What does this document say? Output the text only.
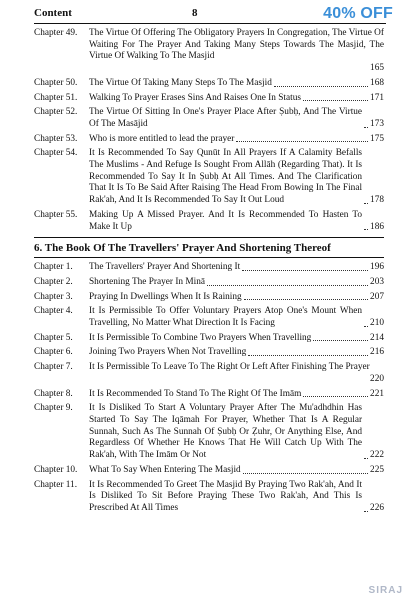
Content	8	40% OFF
Chapter 49.	The Virtue Of Offering The Obligatory Prayers In Congregation, The Virtue Of Waiting For The Prayer And Taking Many Steps Towards The Masjid, The Virtue Of Walking To The Masjid
165
Chapter 50.	The Virtue Of Taking Many Steps To The Masjid	168
Chapter 51.	Walking To Prayer Erases Sins And Raises One In Status	171
Chapter 52.	The Virtue Of Sitting In One's Prayer Place After Ṣubḥ, And The Virtue Of The Masājid	173
Chapter 53.	Who is more entitled to lead the prayer	175
Chapter 54.	It Is Recommended To Say Qunūt In All Prayers If A Calamity Befalls The Muslims - And Refuge Is Sought From Allāh (Regarding That). It Is Recommended To Say It In Ṣubḥ At All Times. And The Clarification That It Is To Be Said After Raising The Head From Bowing In The Final Rak'ah, And It Is Recommended To Say It Out Loud	178
Chapter 55.	Making Up A Missed Prayer. And It Is Recommended To Hasten To Make It Up	186
6. The Book Of The Travellers' Prayer And Shortening Thereof
Chapter 1.	The Travellers' Prayer And Shortening It	196
Chapter 2.	Shortening The Prayer In Minā	203
Chapter 3.	Praying In Dwellings When It Is Raining	207
Chapter 4.	It Is Permissible To Offer Voluntary Prayers Atop One's Mount When Travelling, No Matter What Direction It Is Facing	210
Chapter 5.	It Is Permissible To Combine Two Prayers When Travelling	214
Chapter 6.	Joining Two Prayers When Not Travelling	216
Chapter 7.	It Is Permissible To Leave To The Right Or Left After Finishing The Prayer
220
Chapter 8.	It Is Recommended To Stand To The Right Of The Imām	221
Chapter 9.	It Is Disliked To Start A Voluntary Prayer After The Mu'adhdhin Has Started To Say The Iqāmah For Prayer, Whether That Is A Regular Sunnah, Such As The Sunnah Of Ṣubḥ Or Ẓuhr, Or Anything Else, And Regardless Of Whether He Knows That He Will Catch Up With The Rak'ah, With The Imām Or Not	222
Chapter 10.	What To Say When Entering The Masjid	225
Chapter 11.	It Is Recommended To Greet The Masjid By Praying Two Rak'ah, And It Is Disliked To Sit Before Praying These Two Rak'ah, And This Is Prescribed At All Times	226
SIRAJ
